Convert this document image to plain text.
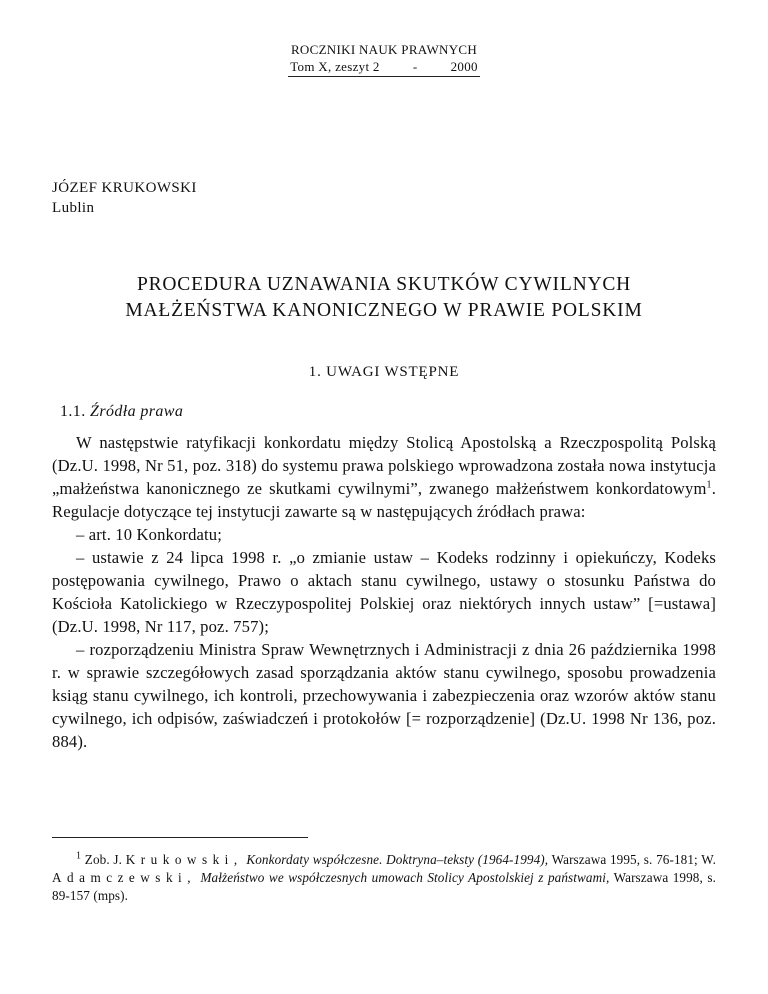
ROCZNIKI NAUK PRAWNYCH
Tom X, zeszyt 2	-	2000
JÓZEF KRUKOWSKI
Lublin
PROCEDURA UZNAWANIA SKUTKÓW CYWILNYCH
MAŁŻEŃSTWA KANONICZNEGO W PRAWIE POLSKIM
1. UWAGI WSTĘPNE
1.1. Źródła prawa

W następstwie ratyfikacji konkordatu między Stolicą Apostolską a Rzeczpospolitą Polską (Dz.U. 1998, Nr 51, poz. 318) do systemu prawa polskiego wprowadzona została nowa instytucja „małżeństwa kanonicznego ze skutkami cywilnymi”, zwanego małżeństwem konkordatowym$^1$. Regulacje dotyczące tej instytucji zawarte są w następujących źródłach prawa:

– art. 10 Konkordatu;

– ustawie z 24 lipca 1998 r. „o zmianie ustaw – Kodeks rodzinny i opiekuńczy, Kodeks postępowania cywilnego, Prawo o aktach stanu cywilnego, ustawy o stosunku Państwa do Kościoła Katolickiego w Rzeczypospolitej Polskiej oraz niektórych innych ustaw” [=ustawa] (Dz.U. 1998, Nr 117, poz. 757);

– rozporządzeniu Ministra Spraw Wewnętrznych i Administracji z dnia 26 października 1998 r. w sprawie szczegółowych zasad sporządzania aktów stanu cywilnego, sposobu prowadzenia ksiąg stanu cywilnego, ich kontroli, przechowywania i zabezpieczenia oraz wzorów aktów stanu cywilnego, ich odpisów, zaświadczeń i protokołów [= rozporządzenie] (Dz.U. 1998 Nr 136, poz. 884).

$^1$ Zob. J. Krukowski, Konkordaty współczesne. Doktryna–teksty (1964-1994), Warszawa 1995, s. 76-181; W. Adamczewski, Małżeństwo we współczesnych umowach Stolicy Apostolskiej z państwami, Warszawa 1998, s. 89-157 (mps).
